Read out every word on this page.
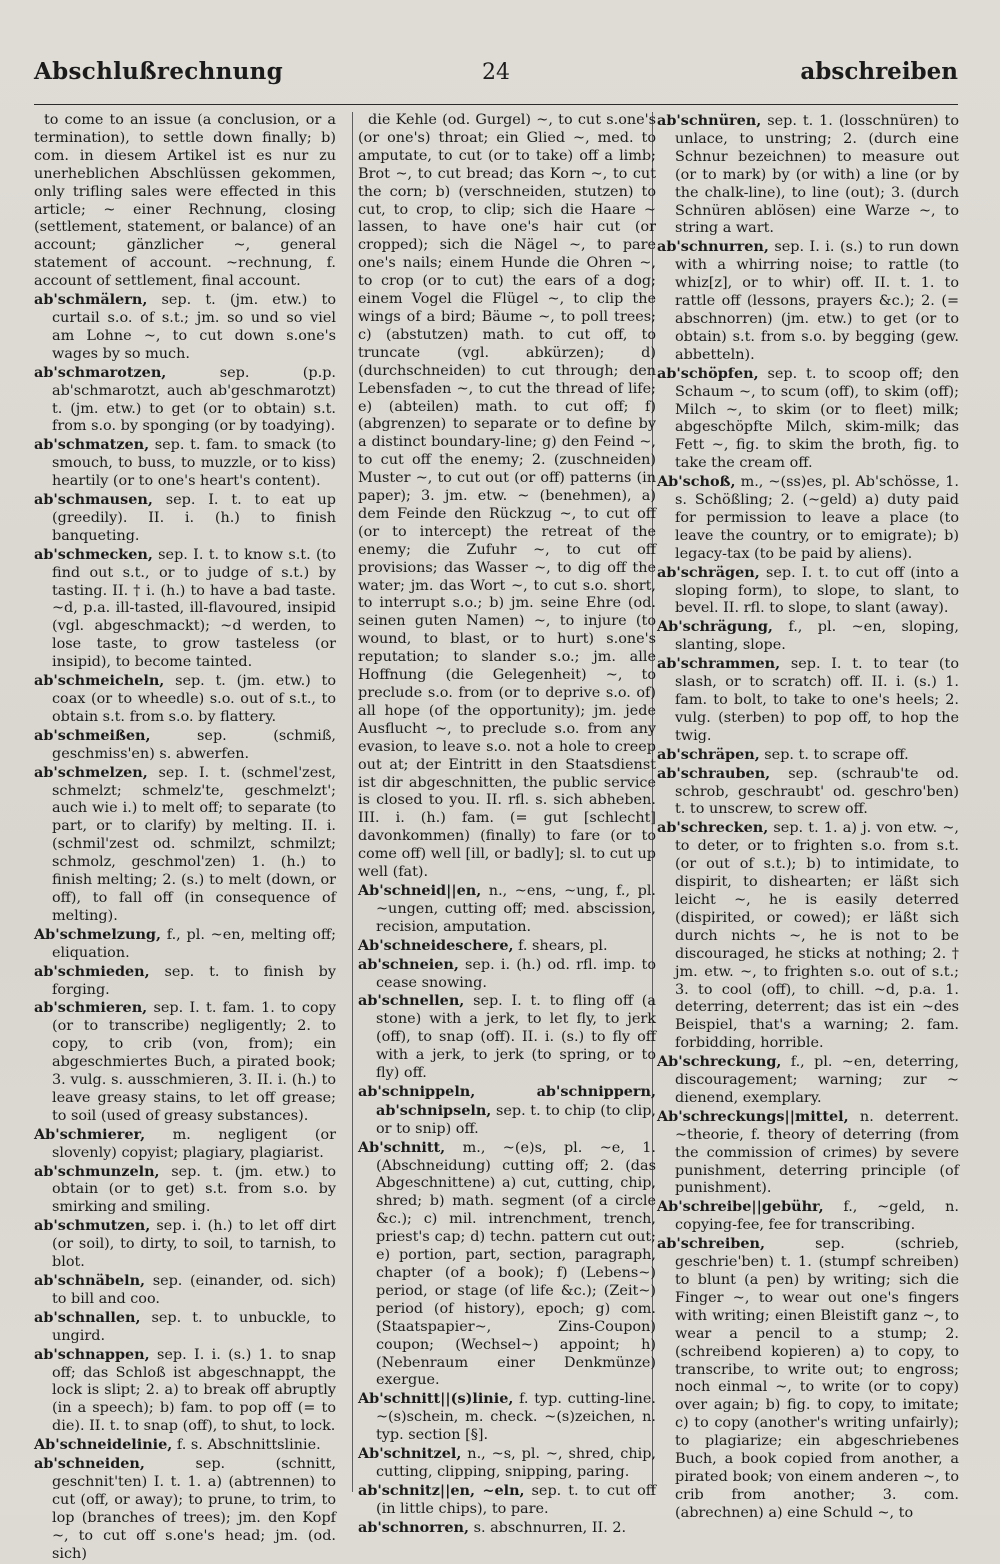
24
Abschlußrechnung	abschreiben

to come to an issue (a conclusion, or a termination), to settle down finally; b) com. in diesem Artikel ist es nur zu unerheblichen Abschlüssen gekommen, only trifling sales were effected in this article; ~ einer Rechnung, closing (settlement, statement, or balance) of an account; gänzlicher ~, general statement of account. ~rechnung, f. account of settlement, final account.

ab'schmälern, sep. t. (jm. etw.) to curtail s.o. of s.t.; jm. so und so viel am Lohne ~, to cut down s.one's wages by so much.

ab'schmarotzen,	sep. (p.p. ab'schmarotzt, auch ab'geschmarotzt) t. (jm. etw.) to get (or to obtain) s.t. from s.o. by sponging (or by toadying).

ab'schmatzen, sep. t. fam. to smack (to smouch, to buss, to muzzle, or to kiss) heartily (or to one's heart's content).

ab'schmausen, sep. I. t. to eat up (greedily). II. i. (h.) to finish banqueting.

ab'schmecken, sep. I. t. to know s.t. (to find out s.t., or to judge of s.t.) by tasting. II. † i. (h.) to have a bad taste. ~d, p.a. ill-tasted, ill-flavoured, insipid (vgl. abgeschmackt); ~d werden, to lose taste, to grow tasteless (or insipid), to become tainted.

ab'schmeicheln, sep. t. (jm. etw.) to coax (or to wheedle) s.o. out of s.t., to obtain s.t. from s.o. by flattery.

ab'schmeißen,	sep. (schmiß, geschmiss'en) s. abwerfen.

ab'schmelzen, sep. I. t. (schmel'zest, schmelzt; schmelz'te, geschmelzt'; auch wie i.) to melt off; to separate (to part, or to clarify) by melting. II. i. (schmil'zest od. schmilzt, schmilzt; schmolz, geschmol'zen) 1. (h.) to finish melting; 2. (s.) to melt (down, or off), to fall off (in consequence of melting).

Ab'schmelzung, f., pl. ~en, melting off; eliquation.

ab'schmieden, sep. t. to finish by forging.

ab'schmieren, sep. I. t. fam. 1. to copy (or to transcribe) negligently; 2. to copy, to crib (von, from); ein abgeschmiertes Buch, a pirated book; 3. vulg. s. ausschmieren, 3. II. i. (h.) to leave greasy stains, to let off grease; to soil (used of greasy substances).

Ab'schmierer, m. negligent (or slovenly) copyist; plagiary, plagiarist.

ab'schmunzeln, sep. t. (jm. etw.) to obtain (or to get) s.t. from s.o. by smirking and smiling.

ab'schmutzen, sep. i. (h.) to let off dirt (or soil), to dirty, to soil, to tarnish, to blot.

ab'schnäbeln, sep. (einander, od. sich) to bill and coo.

ab'schnallen, sep. t. to unbuckle, to ungird.

ab'schnappen, sep. I. i. (s.) 1. to snap off; das Schloß ist abgeschnappt, the lock is slipt; 2. a) to break off abruptly (in a speech); b) fam. to pop off (= to die). II. t. to snap (off), to shut, to lock.

Ab'schneidelinie, f. s. Abschnittslinie.

ab'schneiden,	sep. (schnitt, geschnit'ten) I. t. 1. a) (abtrennen) to cut (off, or away); to prune, to trim, to lop (branches of trees); jm. den Kopf ~, to cut off s.one's head; jm. (od. sich)

die Kehle (od. Gurgel) ~, to cut s.one's (or one's) throat; ein Glied ~, med. to amputate, to cut (or to take) off a limb; Brot ~, to cut bread; das Korn ~, to cut the corn; b) (verschneiden, stutzen) to cut, to crop, to clip; sich die Haare ~ lassen, to have one's hair cut (or cropped); sich die Nägel ~, to pare one's nails; einem Hunde die Ohren ~, to crop (or to cut) the ears of a dog; einem Vogel die Flügel ~, to clip the wings of a bird; Bäume ~, to poll trees; c) (abstutzen) math. to cut off, to truncate (vgl. abkürzen); d) (durchschneiden) to cut through; den Lebensfaden ~, to cut the thread of life; e) (abteilen) math. to cut off; f) (abgrenzen) to separate or to define by a distinct boundary-line; g) den Feind ~, to cut off the enemy; 2. (zuschneiden) Muster ~, to cut out (or off) patterns (in paper); 3. jm. etw. ~ (benehmen), a) dem Feinde den Rückzug ~, to cut off (or to intercept) the retreat of the enemy; die Zufuhr ~, to cut off provisions; das Wasser ~, to dig off the water; jm. das Wort ~, to cut s.o. short, to interrupt s.o.; b) jm. seine Ehre (od. seinen guten Namen) ~, to injure (to wound, to blast, or to hurt) s.one's reputation; to slander s.o.; jm. alle Hoffnung (die Gelegenheit) ~, to preclude s.o. from (or to deprive s.o. of) all hope (of the opportunity); jm. jede Ausflucht ~, to preclude s.o. from any evasion, to leave s.o. not a hole to creep out at; der Eintritt in den Staatsdienst ist dir abgeschnitten, the public service is closed to you. II. rfl. s. sich abheben. III. i. (h.) fam. (= gut [schlecht] davonkommen) (finally) to fare (or to come off) well [ill, or badly]; sl. to cut up well (fat).

Ab'schneid||en, n., ~ens, ~ung, f., pl. ~ungen, cutting off; med. abscission, recision, amputation.

Ab'schneideschere, f. shears, pl.

ab'schneien, sep. i. (h.) od. rfl. imp. to cease snowing.

ab'schnellen, sep. I. t. to fling off (a stone) with a jerk, to let fly, to jerk (off), to snap (off). II. i. (s.) to fly off with a jerk, to jerk (to spring, or to fly) off.

ab'schnippeln, ab'schnippern, ab'schnipseln, sep. t. to chip (to clip, or to snip) off.

Ab'schnitt, m., ~(e)s, pl. ~e, 1. (Abschneidung) cutting off; 2. (das Abgeschnittene) a) cut, cutting, chip, shred; b) math. segment (of a circle &c.); c) mil. intrenchment, trench, priest's cap; d) techn. pattern cut out; e) portion, part, section, paragraph, chapter (of a book); f) (Lebens~) period, or stage (of life &c.); (Zeit~) period (of history), epoch; g) com. (Staatspapier~, Zins-Coupon) coupon; (Wechsel~) appoint; h) (Nebenraum einer Denkmünze) exergue.

Ab'schnitt||(s)linie, f. typ. cutting-line. ~(s)schein, m. check. ~(s)zeichen, n. typ. section [§].

Ab'schnitzel, n., ~s, pl. ~, shred, chip, cutting, clipping, snipping, paring.

ab'schnitz||en, ~eln, sep. t. to cut off (in little chips), to pare.

ab'schnorren, s. abschnurren, II. 2.

ab'schnüren, sep. t. 1. (losschnüren) to unlace, to unstring; 2. (durch eine Schnur bezeichnen) to measure out (or to mark) by (or with) a line (or by the chalk-line), to line (out); 3. (durch Schnüren ablösen) eine Warze ~, to string a wart.

ab'schnurren, sep. I. i. (s.) to run down with a whirring noise; to rattle (to whiz[z], or to whir) off. II. t. 1. to rattle off (lessons, prayers &c.); 2. (= abschnorren) (jm. etw.) to get (or to obtain) s.t. from s.o. by begging (gew. abbetteln).

ab'schöpfen, sep. t. to scoop off; den Schaum ~, to scum (off), to skim (off); Milch ~, to skim (or to fleet) milk; abgeschöpfte Milch, skim-milk; das Fett ~, fig. to skim the broth, fig. to take the cream off.

Ab'schoß, m., ~(ss)es, pl. Ab'schösse, 1. s. Schößling; 2. (~geld) a) duty paid for permission to leave a place (to leave the country, or to emigrate); b) legacy-tax (to be paid by aliens).

ab'schrägen, sep. I. t. to cut off (into a sloping form), to slope, to slant, to bevel. II. rfl. to slope, to slant (away).

Ab'schrägung, f., pl. ~en, sloping, slanting, slope.

ab'schrammen, sep. I. t. to tear (to slash, or to scratch) off. II. i. (s.) 1. fam. to bolt, to take to one's heels; 2. vulg. (sterben) to pop off, to hop the twig.

ab'schräpen, sep. t. to scrape off.

ab'schrauben, sep. (schraub'te od. schrob, geschraubt' od. geschro'ben) t. to unscrew, to screw off.

ab'schrecken, sep. t. 1. a) j. von etw. ~, to deter, or to frighten s.o. from s.t. (or out of s.t.); b) to intimidate, to dispirit, to dishearten; er läßt sich leicht ~, he is easily deterred (dispirited, or cowed); er läßt sich durch nichts ~, he is not to be discouraged, he sticks at nothing; 2. † jm. etw. ~, to frighten s.o. out of s.t.; 3. to cool (off), to chill. ~d, p.a. 1. deterring, deterrent; das ist ein ~des Beispiel, that's a warning; 2. fam. forbidding, horrible.

Ab'schreckung, f., pl. ~en, deterring, discouragement; warning; zur ~ dienend, exemplary.

Ab'schreckungs||mittel, n. deterrent. ~theorie, f. theory of deterring (from the commission of crimes) by severe punishment, deterring principle (of punishment).

Ab'schreibe||gebühr, f., ~geld, n. copying-fee, fee for transcribing.

ab'schreiben,	sep. (schrieb, geschrie'ben) t. 1. (stumpf schreiben) to blunt (a pen) by writing; sich die Finger ~, to wear out one's fingers with writing; einen Bleistift ganz ~, to wear a pencil to a stump; 2. (schreibend kopieren) a) to copy, to transcribe, to write out; to engross; noch einmal ~, to write (or to copy) over again; b) fig. to copy, to imitate; c) to copy (another's writing unfairly); to plagiarize; ein abgeschriebenes Buch, a book copied from another, a pirated book; von einem anderen ~, to crib from another; 3. com. (abrechnen) a) eine Schuld ~, to
